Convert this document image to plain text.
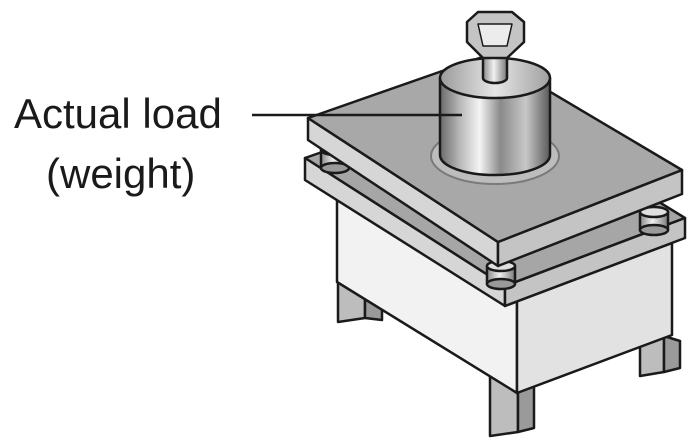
Actual load
(weight)
